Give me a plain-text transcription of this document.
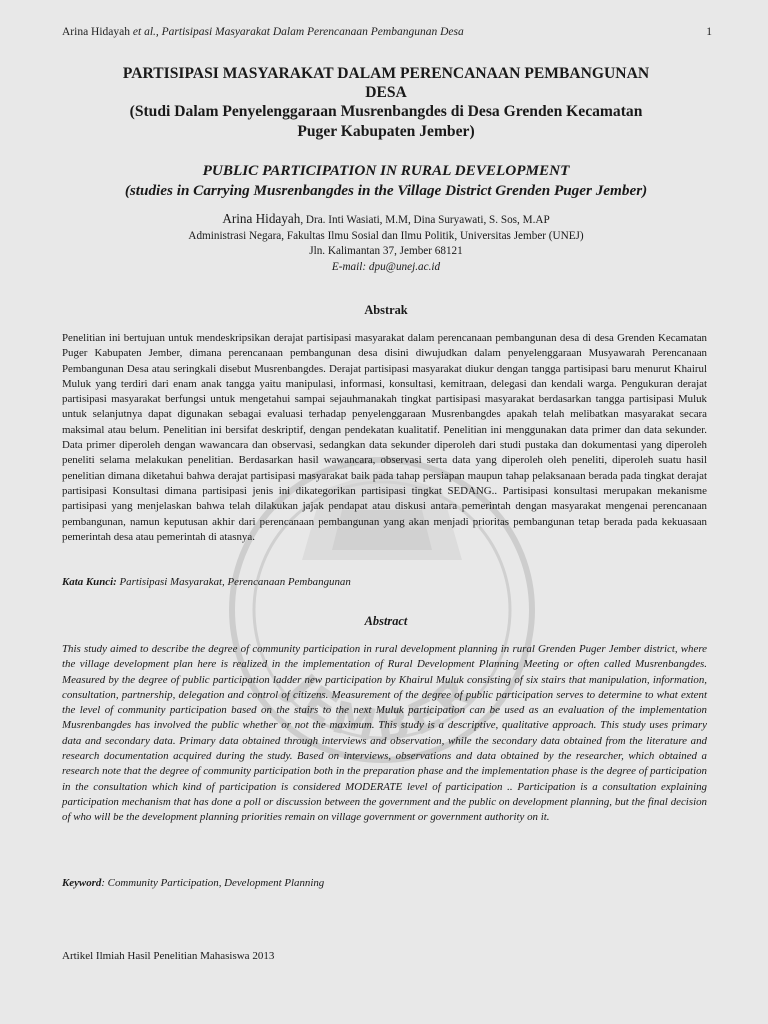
JEMBER
Arina Hidayah et al., Partisipasi Masyarakat Dalam Perencanaan Pembangunan Desa	1
PARTISIPASI MASYARAKAT DALAM PERENCANAAN PEMBANGUNAN
DESA
(Studi Dalam Penyelenggaraan Musrenbangdes di Desa Grenden Kecamatan
Puger Kabupaten Jember)
PUBLIC PARTICIPATION IN RURAL DEVELOPMENT
(studies in Carrying Musrenbangdes in the Village District Grenden Puger Jember)
Arina Hidayah, Dra. Inti Wasiati, M.M, Dina Suryawati, S. Sos, M.AP
Administrasi Negara, Fakultas Ilmu Sosial dan Ilmu Politik, Universitas Jember (UNEJ)
Jln. Kalimantan 37, Jember 68121
E-mail: dpu@unej.ac.id
Abstrak
Penelitian ini bertujuan untuk mendeskripsikan derajat partisipasi masyarakat dalam perencanaan pembangunan desa di desa Grenden Kecamatan Puger Kabupaten Jember, dimana perencanaan pembangunan desa disini diwujudkan dalam penyelenggaraan Musyawarah Perencanaan Pembangunan Desa atau seringkali disebut Musrenbangdes. Derajat partisipasi masyarakat diukur dengan tangga partisipasi baru menurut Khairul Muluk yang terdiri dari enam anak tangga yaitu manipulasi, informasi, konsultasi, kemitraan, delegasi dan kendali warga. Pengukuran derajat partisipasi masyarakat berfungsi untuk mengetahui sampai sejauhmanakah tingkat partisipasi masyarakat berdasarkan tangga partisipasi Muluk untuk selanjutnya dapat digunakan sebagai evaluasi terhadap penyelenggaraan Musrenbangdes apakah telah melibatkan masyarakat secara maksimal atau belum. Penelitian ini bersifat deskriptif, dengan pendekatan kualitatif. Penelitian ini menggunakan data primer dan data sekunder. Data primer diperoleh dengan wawancara dan observasi, sedangkan data sekunder diperoleh dari studi pustaka dan dokumentasi yang diperoleh peneliti selama melakukan penelitian. Berdasarkan hasil wawancara, observasi serta data yang diperoleh oleh peneliti, diperoleh suatu hasil penelitian dimana diketahui bahwa derajat partisipasi masyarakat baik pada tahap persiapan maupun tahap pelaksanaan berada pada tingkat derajat partisipasi Konsultasi dimana partisipasi jenis ini dikategorikan partisipasi tingkat SEDANG.. Partisipasi konsultasi merupakan mekanisme partisipasi yang menjelaskan bahwa telah dilakukan jajak pendapat atau diskusi antara pemerintah dengan masyarakat mengenai perencanaan pembangunan, namun keputusan akhir dari perencanaan pembangunan yang akan menjadi prioritas pembangunan tetap berada pada kekuasaan pemerintah desa atau pemerintah di atasnya.
Kata Kunci: Partisipasi Masyarakat, Perencanaan Pembangunan
Abstract
This study aimed to describe the degree of community participation in rural development planning in rural Grenden Puger Jember district, where the village development plan here is realized in the implementation of Rural Development Planning Meeting or often called Musrenbangdes. Measured by the degree of public participation ladder new participation by Khairul Muluk consisting of six stairs that manipulation, information, consultation, partnership, delegation and control of citizens. Measurement of the degree of public participation serves to determine to what extent the level of community participation based on the stairs to the next Muluk participation can be used as an evaluation of the implementation Musrenbangdes has involved the public whether or not the maximum. This study is a descriptive, qualitative approach. This study uses primary data and secondary data. Primary data obtained through interviews and observation, while the secondary data obtained from the literature and research documentation acquired during the study. Based on interviews, observations and data obtained by the researcher, which obtained a research note that the degree of community participation both in the preparation phase and the implementation phase is the degree of participation in the consultation which kind of participation is considered MODERATE level of participation .. Participation is a consultation explaining participation mechanism that has done a poll or discussion between the government and the public on development planning, but the final decision of who will be the development planning priorities remain on village government or government authority on it.
Keyword: Community Participation, Development Planning
Artikel Ilmiah Hasil Penelitian Mahasiswa 2013
